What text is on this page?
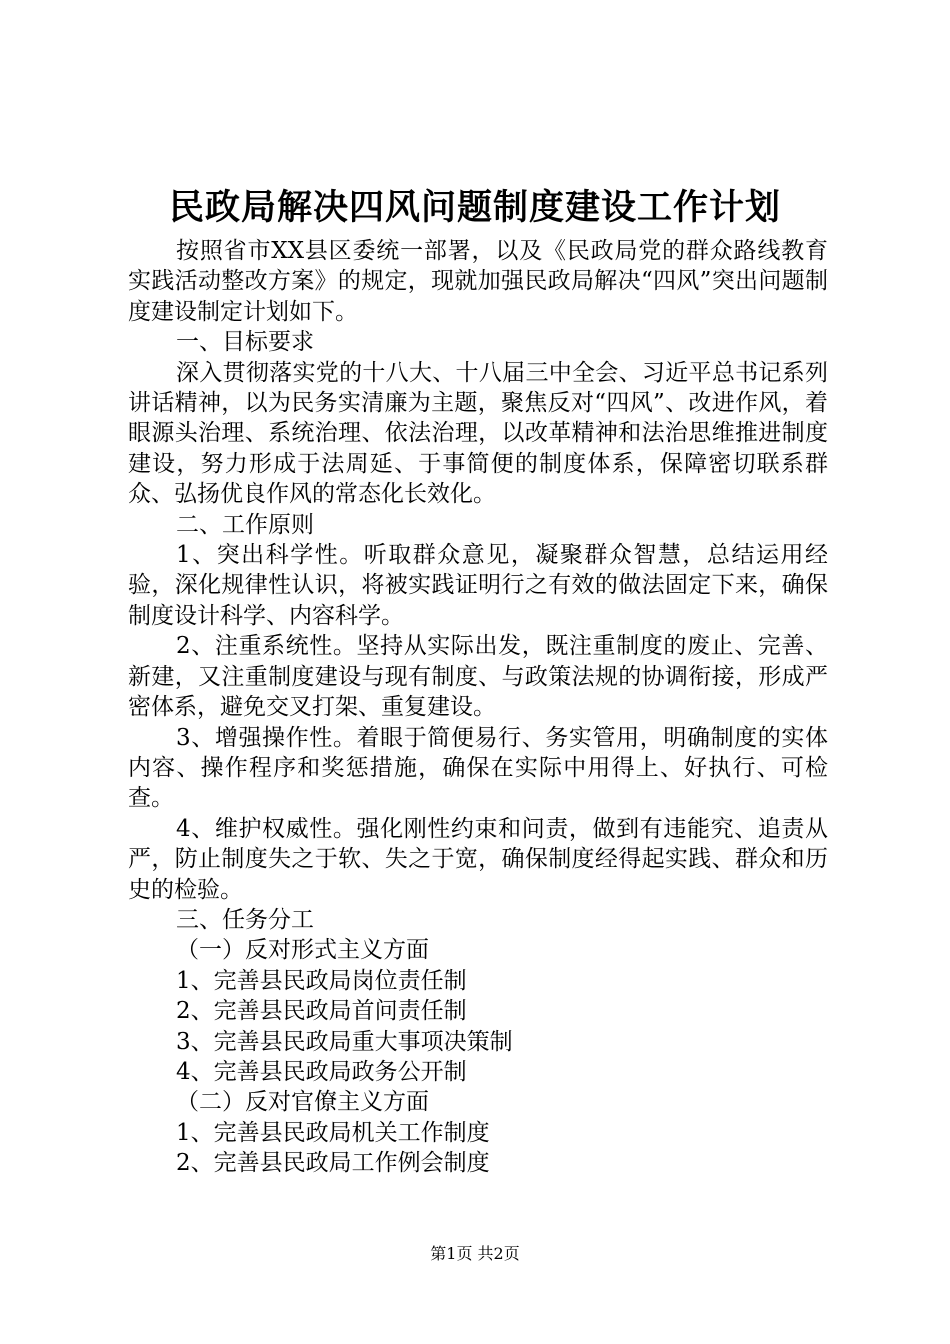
民政局解决四风问题制度建设工作计划

按照省市XX县区委统一部署，以及《民政局党的群众路线教育实践活动整改方案》的规定，现就加强民政局解决“四风”突出问题制度建设制定计划如下。

一、目标要求

深入贯彻落实党的十八大、十八届三中全会、习近平总书记系列讲话精神，以为民务实清廉为主题，聚焦反对“四风”、改进作风，着眼源头治理、系统治理、依法治理，以改革精神和法治思维推进制度建设，努力形成于法周延、于事简便的制度体系，保障密切联系群众、弘扬优良作风的常态化长效化。

二、工作原则

1、突出科学性。听取群众意见，凝聚群众智慧，总结运用经验，深化规律性认识，将被实践证明行之有效的做法固定下来，确保制度设计科学、内容科学。

2、注重系统性。坚持从实际出发，既注重制度的废止、完善、新建，又注重制度建设与现有制度、与政策法规的协调衔接，形成严密体系，避免交叉打架、重复建设。

3、增强操作性。着眼于简便易行、务实管用，明确制度的实体内容、操作程序和奖惩措施，确保在实际中用得上、好执行、可检查。

4、维护权威性。强化刚性约束和问责，做到有违能究、追责从严，防止制度失之于软、失之于宽，确保制度经得起实践、群众和历史的检验。

三、任务分工

（一）反对形式主义方面

1、完善县民政局岗位责任制

2、完善县民政局首问责任制

3、完善县民政局重大事项决策制

4、完善县民政局政务公开制

（二）反对官僚主义方面

1、完善县民政局机关工作制度

2、完善县民政局工作例会制度

第1页 共2页
